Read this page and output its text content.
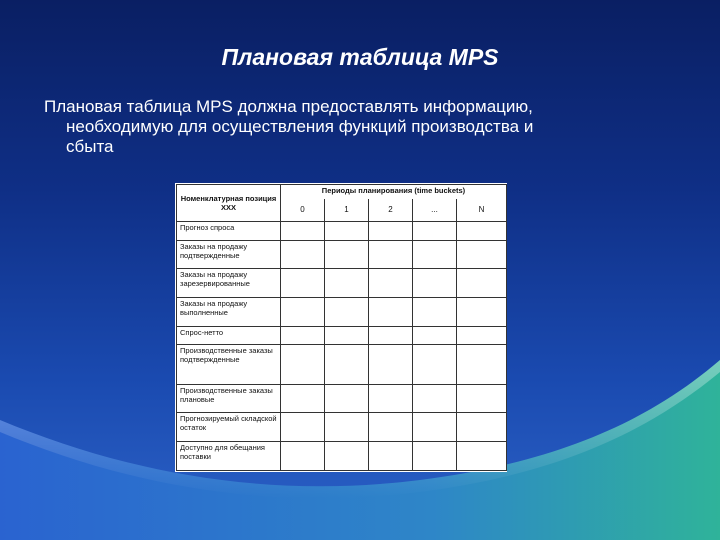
Плановая таблица MPS
Плановая таблица MPS должна предоставлять информацию,
необходимую для осуществления функций производства и
сбыта
Номенклатурная позиция XXX	Периоды планирования (time buckets)				
	0	1	2	...	N
Прогноз спроса					
Заказы на продажу подтвержденные					
Заказы на продажу зарезервированные					
Заказы на продажу выполненные					
Спрос-нетто					
Производственные заказы подтвержденные					
Производственные заказы плановые					
Прогнозируемый складской остаток					
Доступно для обещания поставки					
